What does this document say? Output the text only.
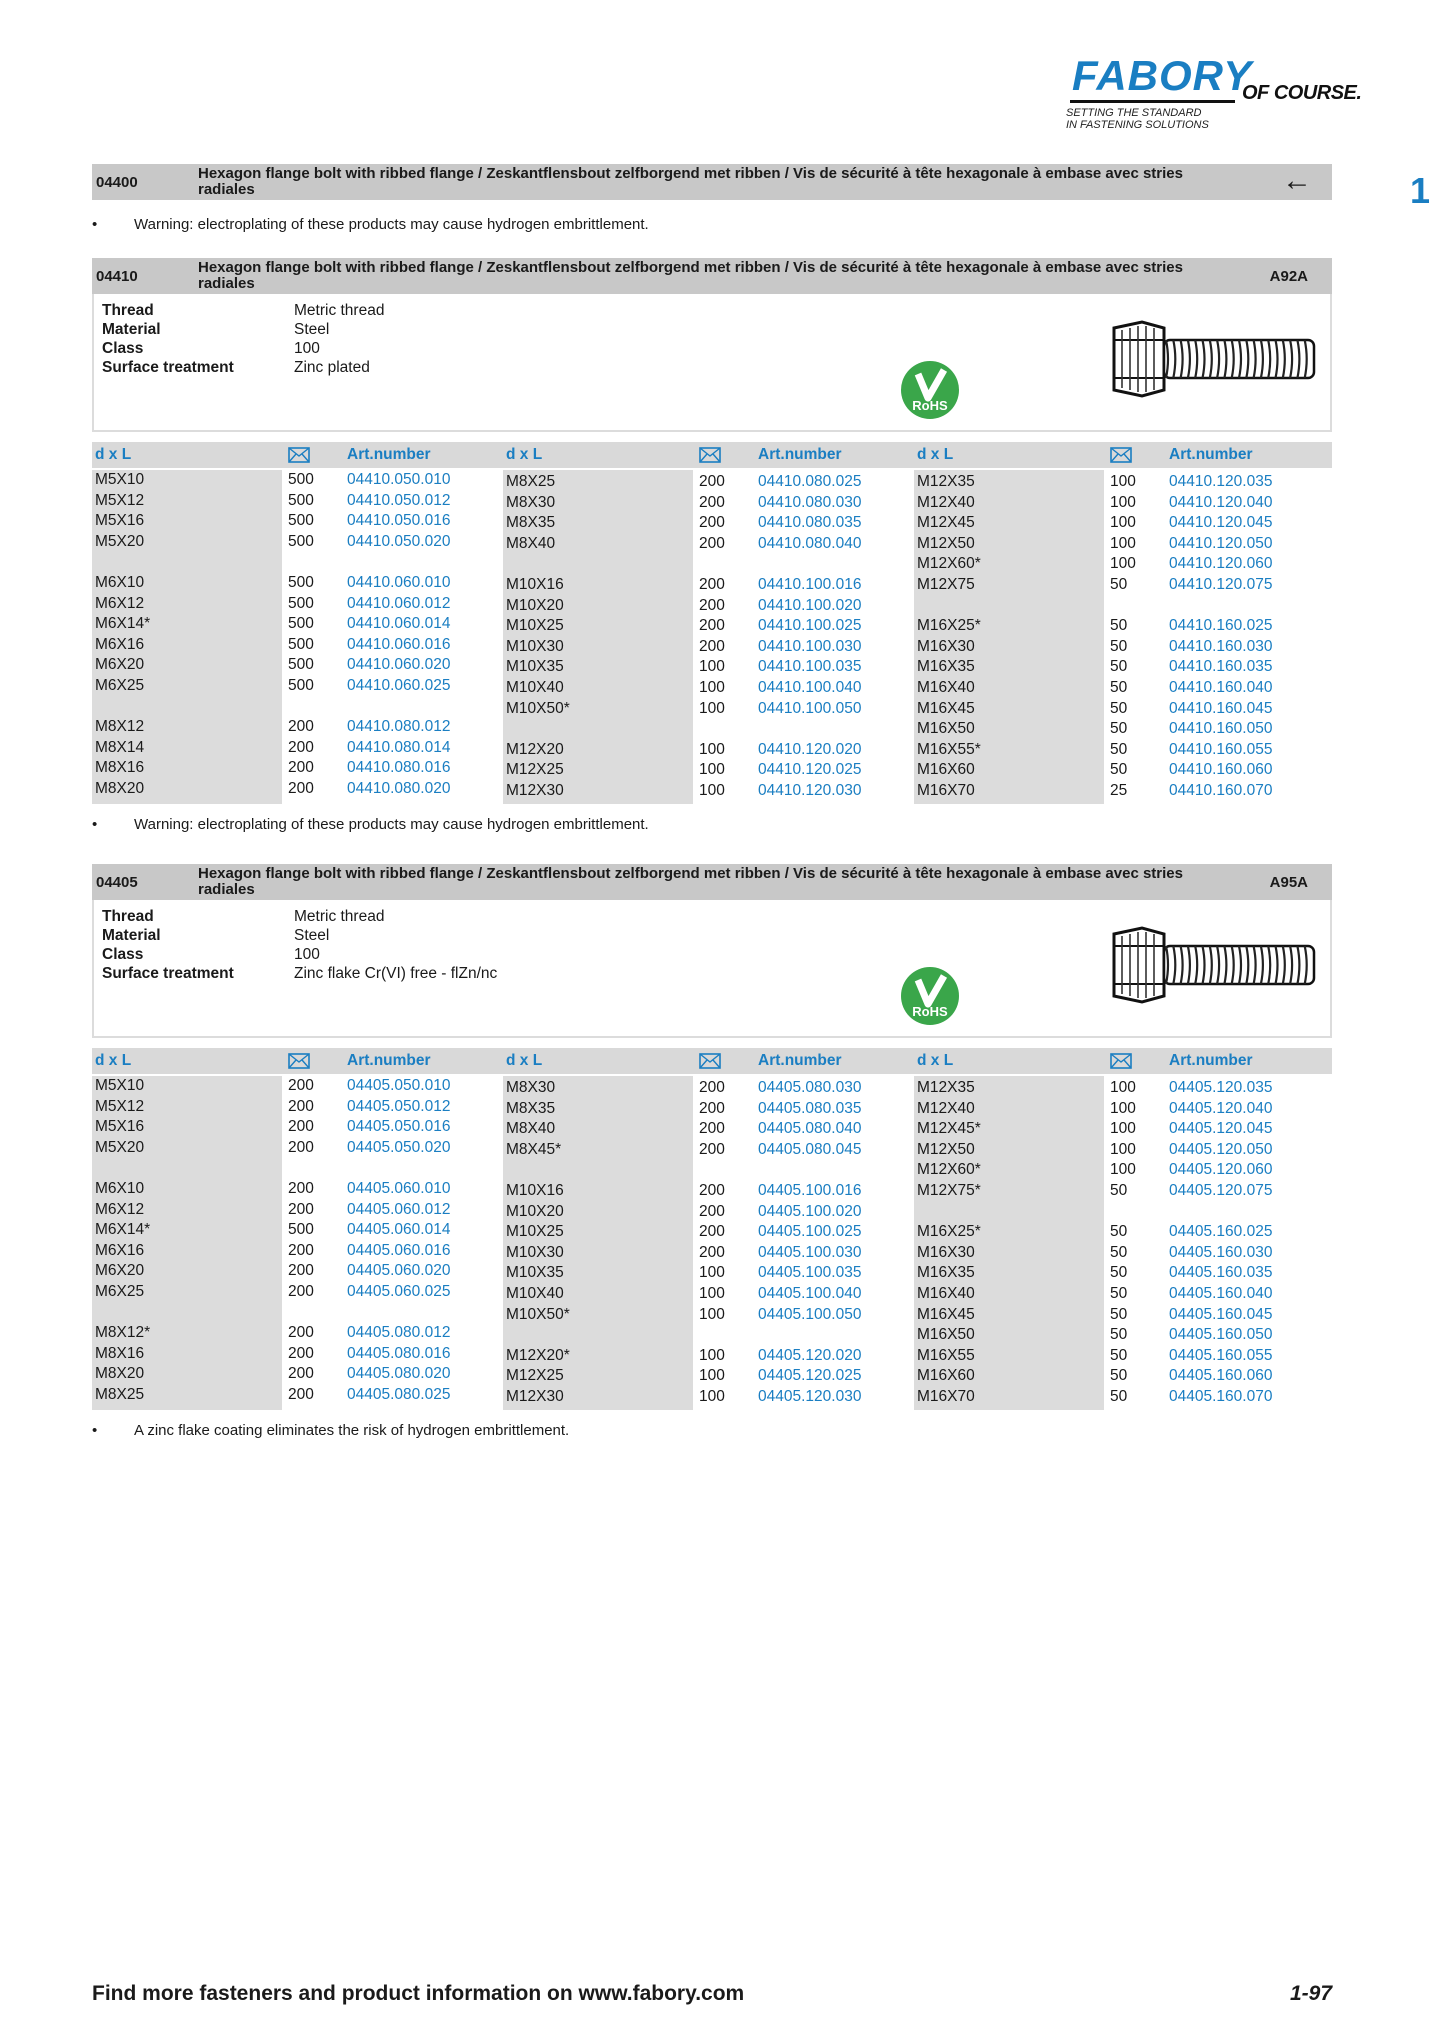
FABORY
OF COURSE.
SETTING THE STANDARD
IN FASTENING SOLUTIONS
1
04400
Hexagon flange bolt with ribbed flange / Zeskantflensbout zelfborgend met ribben / Vis de sécurité à tête hexagonale à embase avec stries radiales	←
• Warning: electroplating of these products may cause hydrogen embrittlement.
04410
Hexagon flange bolt with ribbed flange / Zeskantflensbout zelfborgend met ribben / Vis de sécurité à tête hexagonale à embase avec stries radiales	A92A
Thread	Metric thread
Material	Steel
Class	100
Surface treatment	Zinc plated
RoHS
d x L	Art.number	d x L	Art.number	d x L	Art.number
M5X10	500 04410.050.010
M5X12	500 04410.050.012
M5X16	500 04410.050.016
M5X20	500 04410.050.020
M6X10	500 04410.060.010
M6X12	500 04410.060.012
M6X14*	500 04410.060.014
M6X16	500 04410.060.016
M6X20	500 04410.060.020
M6X25	500 04410.060.025
M8X12	200 04410.080.012
M8X14	200 04410.080.014
M8X16	200 04410.080.016
M8X20	200 04410.080.020
M8X25	200 04410.080.025
M8X30	200 04410.080.030
M8X35	200 04410.080.035
M8X40	200 04410.080.040
M10X16	200 04410.100.016
M10X20	200 04410.100.020
M10X25	200 04410.100.025
M10X30	200 04410.100.030
M10X35	100 04410.100.035
M10X40	100 04410.100.040
M10X50*	100 04410.100.050
M12X20	100 04410.120.020
M12X25	100 04410.120.025
M12X30	100 04410.120.030
M12X35	100 04410.120.035
M12X40	100 04410.120.040
M12X45	100 04410.120.045
M12X50	100 04410.120.050
M12X60*	100 04410.120.060
M12X75	50	04410.120.075
M16X25*	50	04410.160.025
M16X30	50	04410.160.030
M16X35	50	04410.160.035
M16X40	50	04410.160.040
M16X45	50	04410.160.045
M16X50	50	04410.160.050
M16X55*	50	04410.160.055
M16X60	50	04410.160.060
M16X70	25	04410.160.070
• Warning: electroplating of these products may cause hydrogen embrittlement.
04405
Hexagon flange bolt with ribbed flange / Zeskantflensbout zelfborgend met ribben / Vis de sécurité à tête hexagonale à embase avec stries radiales	A95A
Thread	Metric thread
Material	Steel
Class	100
Surface treatment	Zinc flake Cr(VI) free - flZn/nc
RoHS
d x L	Art.number	d x L	Art.number	d x L	Art.number
M5X10	200 04405.050.010
M5X12	200 04405.050.012
M5X16	200 04405.050.016
M5X20	200 04405.050.020
M6X10	200 04405.060.010
M6X12	200 04405.060.012
M6X14*	500 04405.060.014
M6X16	200 04405.060.016
M6X20	200 04405.060.020
M6X25	200 04405.060.025
M8X12*	200 04405.080.012
M8X16	200 04405.080.016
M8X20	200 04405.080.020
M8X25	200 04405.080.025
M8X30	200 04405.080.030
M8X35	200 04405.080.035
M8X40	200 04405.080.040
M8X45*	200 04405.080.045
M10X16	200 04405.100.016
M10X20	200 04405.100.020
M10X25	200 04405.100.025
M10X30	200 04405.100.030
M10X35	100 04405.100.035
M10X40	100 04405.100.040
M10X50*	100 04405.100.050
M12X20*	100 04405.120.020
M12X25	100 04405.120.025
M12X30	100 04405.120.030
M12X35	100 04405.120.035
M12X40	100 04405.120.040
M12X45*	100 04405.120.045
M12X50	100 04405.120.050
M12X60*	100 04405.120.060
M12X75*	50	04405.120.075
M16X25*	50	04405.160.025
M16X30	50	04405.160.030
M16X35	50	04405.160.035
M16X40	50	04405.160.040
M16X45	50	04405.160.045
M16X50	50	04405.160.050
M16X55	50	04405.160.055
M16X60	50	04405.160.060
M16X70	50	04405.160.070
• A zinc flake coating eliminates the risk of hydrogen embrittlement.
Find more fasteners and product information on www.fabory.com	1-97
